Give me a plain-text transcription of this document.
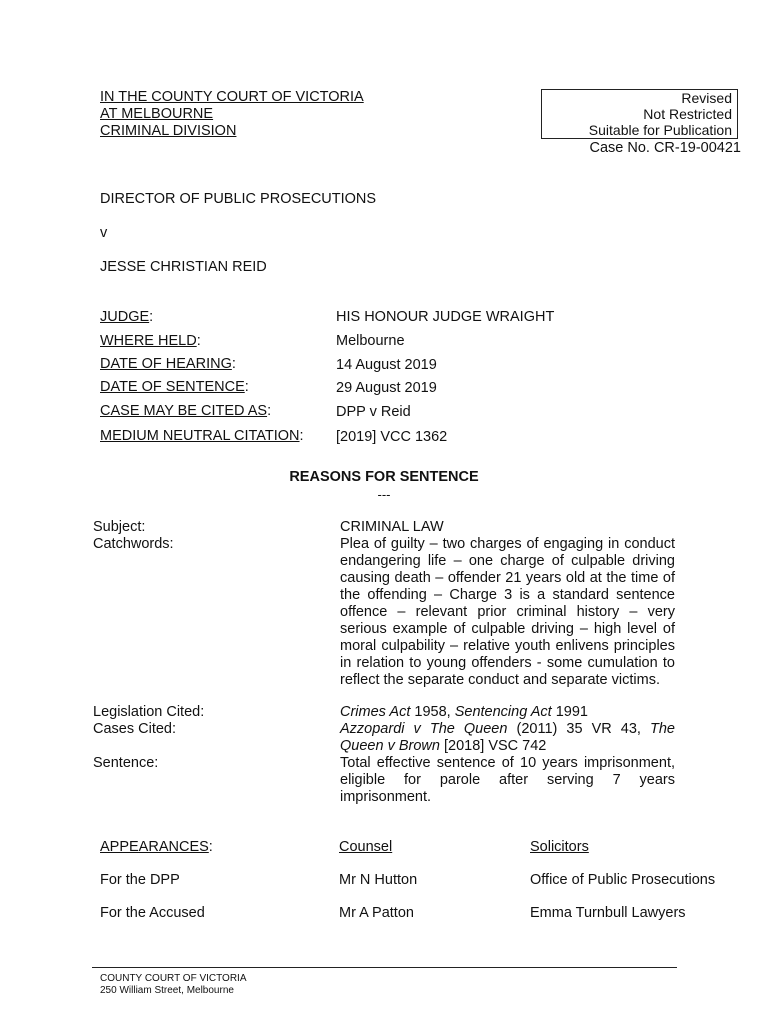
IN THE COUNTY COURT OF VICTORIA
AT MELBOURNE
CRIMINAL DIVISION
Revised
Not Restricted
Suitable for Publication
Case No. CR-19-00421
DIRECTOR OF PUBLIC PROSECUTIONS
v
JESSE CHRISTIAN REID
JUDGE:	HIS HONOUR JUDGE WRAIGHT
WHERE HELD:	Melbourne
DATE OF HEARING:	14 August 2019
DATE OF SENTENCE:	29 August 2019
CASE MAY BE CITED AS:	DPP v Reid
MEDIUM NEUTRAL CITATION: [2019] VCC 1362
REASONS FOR SENTENCE
---
Subject:	CRIMINAL LAW
Catchwords:	Plea of guilty – two charges of engaging in conduct endangering life – one charge of culpable driving causing death – offender 21 years old at the time of the offending – Charge 3 is a standard sentence offence – relevant prior criminal history – very serious example of culpable driving – high level of moral culpability – relative youth enlivens principles in relation to young offenders - some cumulation to reflect the separate conduct and separate victims.
Legislation Cited:	Crimes Act 1958, Sentencing Act 1991
Cases Cited:	Azzopardi v The Queen (2011) 35 VR 43, The Queen v Brown [2018] VSC 742
Sentence:	Total effective sentence of 10 years imprisonment, eligible for parole after serving 7 years imprisonment.
APPEARANCES:	Counsel	Solicitors
For the DPP	Mr N Hutton	Office of Public Prosecutions
For the Accused	Mr A Patton	Emma Turnbull Lawyers
COUNTY COURT OF VICTORIA
250 William Street, Melbourne
